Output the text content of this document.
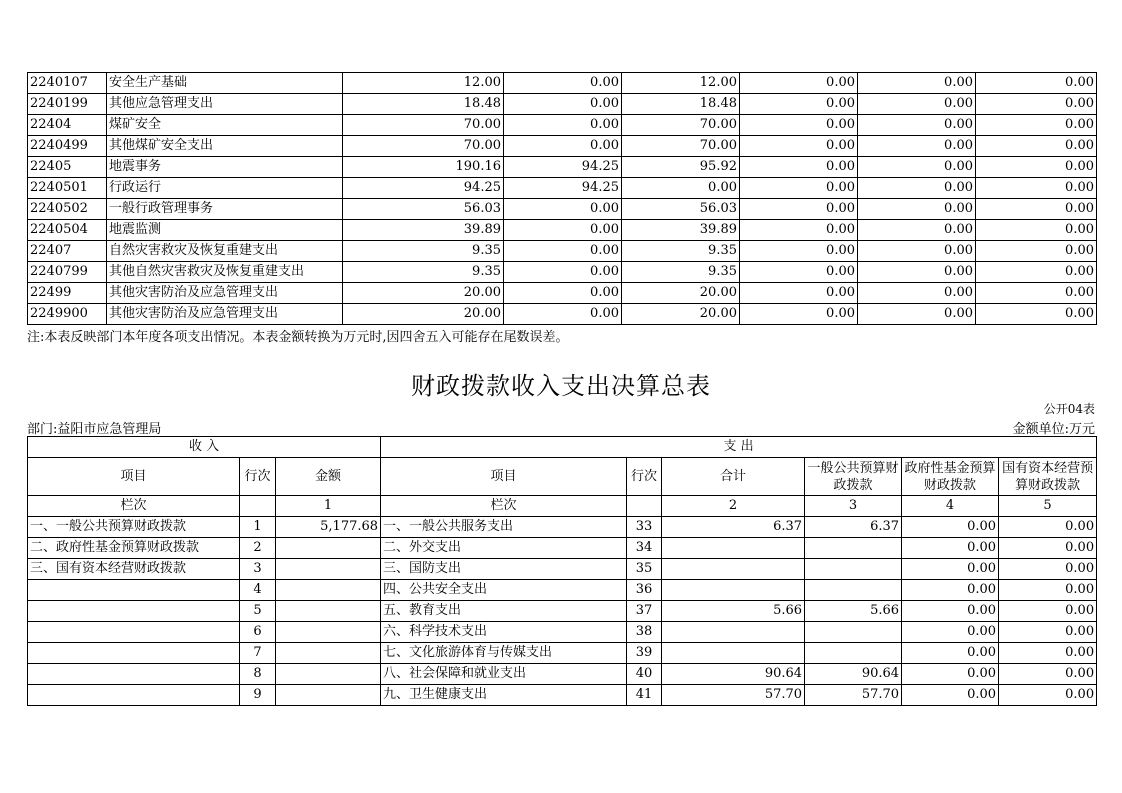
2240107	安全生产基础	12.00	0.00	12.00	0.00	0.00	0.00
2240199	其他应急管理支出	18.48	0.00	18.48	0.00	0.00	0.00
22404	煤矿安全	70.00	0.00	70.00	0.00	0.00	0.00
2240499	其他煤矿安全支出	70.00	0.00	70.00	0.00	0.00	0.00
22405	地震事务	190.16	94.25	95.92	0.00	0.00	0.00
2240501	行政运行	94.25	94.25	0.00	0.00	0.00	0.00
2240502	一般行政管理事务	56.03	0.00	56.03	0.00	0.00	0.00
2240504	地震监测	39.89	0.00	39.89	0.00	0.00	0.00
22407	自然灾害救灾及恢复重建支出	9.35	0.00	9.35	0.00	0.00	0.00
2240799	其他自然灾害救灾及恢复重建支出	9.35	0.00	9.35	0.00	0.00	0.00
22499	其他灾害防治及应急管理支出	20.00	0.00	20.00	0.00	0.00	0.00
2249900	其他灾害防治及应急管理支出	20.00	0.00	20.00	0.00	0.00	0.00
注:本表反映部门本年度各项支出情况。本表金额转换为万元时,因四舍五入可能存在尾数误差。
财政拨款收入支出决算总表
公开04表
部门:益阳市应急管理局	金额单位:万元
收 入			支 出					
项目	行次	金额	项目	行次	合计	一般公共预算财政拨款	政府性基金预算财政拨款	国有资本经营预算财政拨款
栏次		1	栏次		2	3	4	5
一、一般公共预算财政拨款	1	5,177.68	一、一般公共服务支出	33	6.37	6.37	0.00	0.00
二、政府性基金预算财政拨款	2		二、外交支出	34			0.00	0.00
三、国有资本经营财政拨款	3		三、国防支出	35			0.00	0.00
	4		四、公共安全支出	36			0.00	0.00
	5		五、教育支出	37	5.66	5.66	0.00	0.00
	6		六、科学技术支出	38			0.00	0.00
	7		七、文化旅游体育与传媒支出	39			0.00	0.00
	8		八、社会保障和就业支出	40	90.64	90.64	0.00	0.00
	9		九、卫生健康支出	41	57.70	57.70	0.00	0.00
